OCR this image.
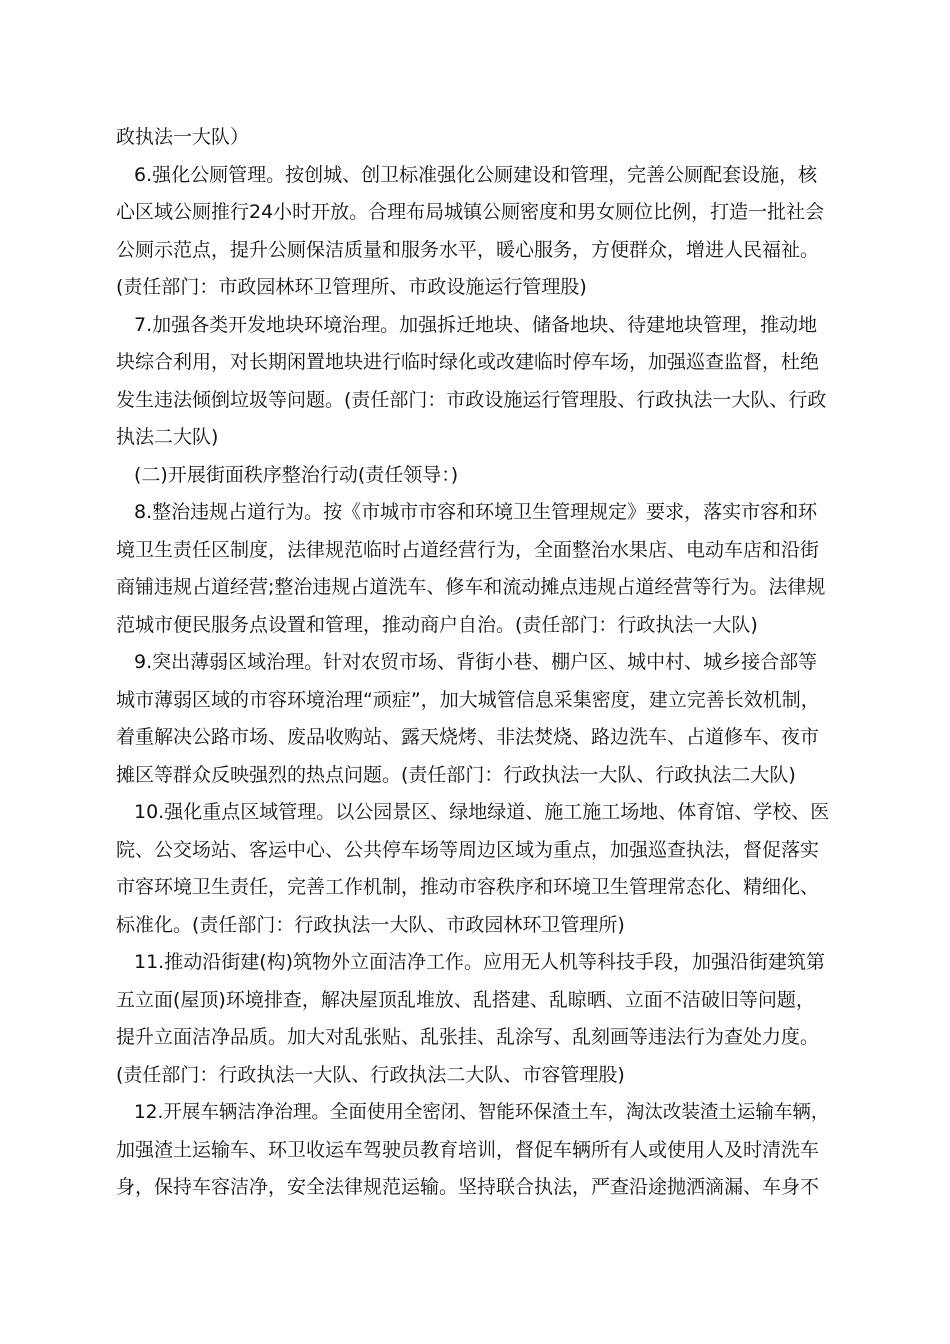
政执法一大队）
6.强化公厕管理。按创城、创卫标准强化公厕建设和管理，完善公厕配套设施，核
心区域公厕推行24小时开放。合理布局城镇公厕密度和男女厕位比例，打造一批社会
公厕示范点，提升公厕保洁质量和服务水平，暖心服务，方便群众，增进人民福祉。
(责任部门：市政园林环卫管理所、市政设施运行管理股)
7.加强各类开发地块环境治理。加强拆迁地块、储备地块、待建地块管理，推动地
块综合利用，对长期闲置地块进行临时绿化或改建临时停车场，加强巡查监督，杜绝
发生违法倾倒垃圾等问题。(责任部门：市政设施运行管理股、行政执法一大队、行政
执法二大队)
(二)开展街面秩序整治行动(责任领导：)
8.整治违规占道行为。按《市城市市容和环境卫生管理规定》要求，落实市容和环
境卫生责任区制度，法律规范临时占道经营行为，全面整治水果店、电动车店和沿街
商铺违规占道经营;整治违规占道洗车、修车和流动摊点违规占道经营等行为。法律规
范城市便民服务点设置和管理，推动商户自治。(责任部门：行政执法一大队)
9.突出薄弱区域治理。针对农贸市场、背街小巷、棚户区、城中村、城乡接合部等
城市薄弱区域的市容环境治理“顽症”，加大城管信息采集密度，建立完善长效机制，
着重解决公路市场、废品收购站、露天烧烤、非法焚烧、路边洗车、占道修车、夜市
摊区等群众反映强烈的热点问题。(责任部门：行政执法一大队、行政执法二大队)
10.强化重点区域管理。以公园景区、绿地绿道、施工施工场地、体育馆、学校、医
院、公交场站、客运中心、公共停车场等周边区域为重点，加强巡查执法，督促落实
市容环境卫生责任，完善工作机制，推动市容秩序和环境卫生管理常态化、精细化、
标准化。(责任部门：行政执法一大队、市政园林环卫管理所)
11.推动沿街建(构)筑物外立面洁净工作。应用无人机等科技手段，加强沿街建筑第
五立面(屋顶)环境排查，解决屋顶乱堆放、乱搭建、乱晾晒、立面不洁破旧等问题，
提升立面洁净品质。加大对乱张贴、乱张挂、乱涂写、乱刻画等违法行为查处力度。
(责任部门：行政执法一大队、行政执法二大队、市容管理股)
12.开展车辆洁净治理。全面使用全密闭、智能环保渣土车，淘汰改装渣土运输车辆，
加强渣土运输车、环卫收运车驾驶员教育培训，督促车辆所有人或使用人及时清洗车
身，保持车容洁净，安全法律规范运输。坚持联合执法，严查沿途抛洒滴漏、车身不
